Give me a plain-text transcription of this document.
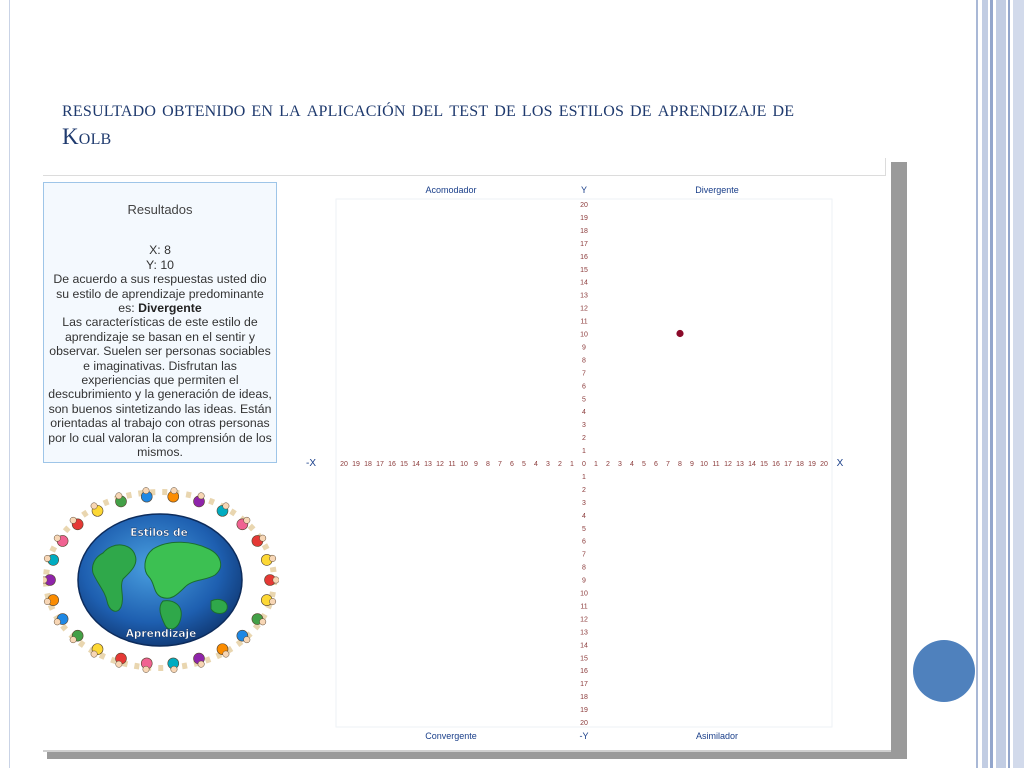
resultado obtenido en la aplicación del test de los estilos de aprendizaje de Kolb
Resultados
X: 8
Y: 10
De acuerdo a sus respuestas usted dio su estilo de aprendizaje predominante es: Divergente
Las características de este estilo de aprendizaje se basan en el sentir y observar. Suelen ser personas sociables e imaginativas. Disfrutan las experiencias que permiten el descubrimiento y la generación de ideas, son buenos sintetizando las ideas. Están orientadas al trabajo con otras personas por lo cual valoran la comprensión de los mismos.
Estilos de
Aprendizaje
Acomodador	Divergente
Convergente	Asimilador
Y
-Y
-X	X
20 19 18 17 16 15 14 13 12 11 10 9 8 7 6 5 4 3 2 1 0 1 2 3 4 5 6 7 8 9 10 11 12 13 14 15 16 17 18 19 20
20
19
18
17
16
15
14
13
12
11
10
9
8
7
6
5
4
3
2
1
1
2
3
4
5
6
7
8
9
10
11
12
13
14
15
16
17
18
19
20
